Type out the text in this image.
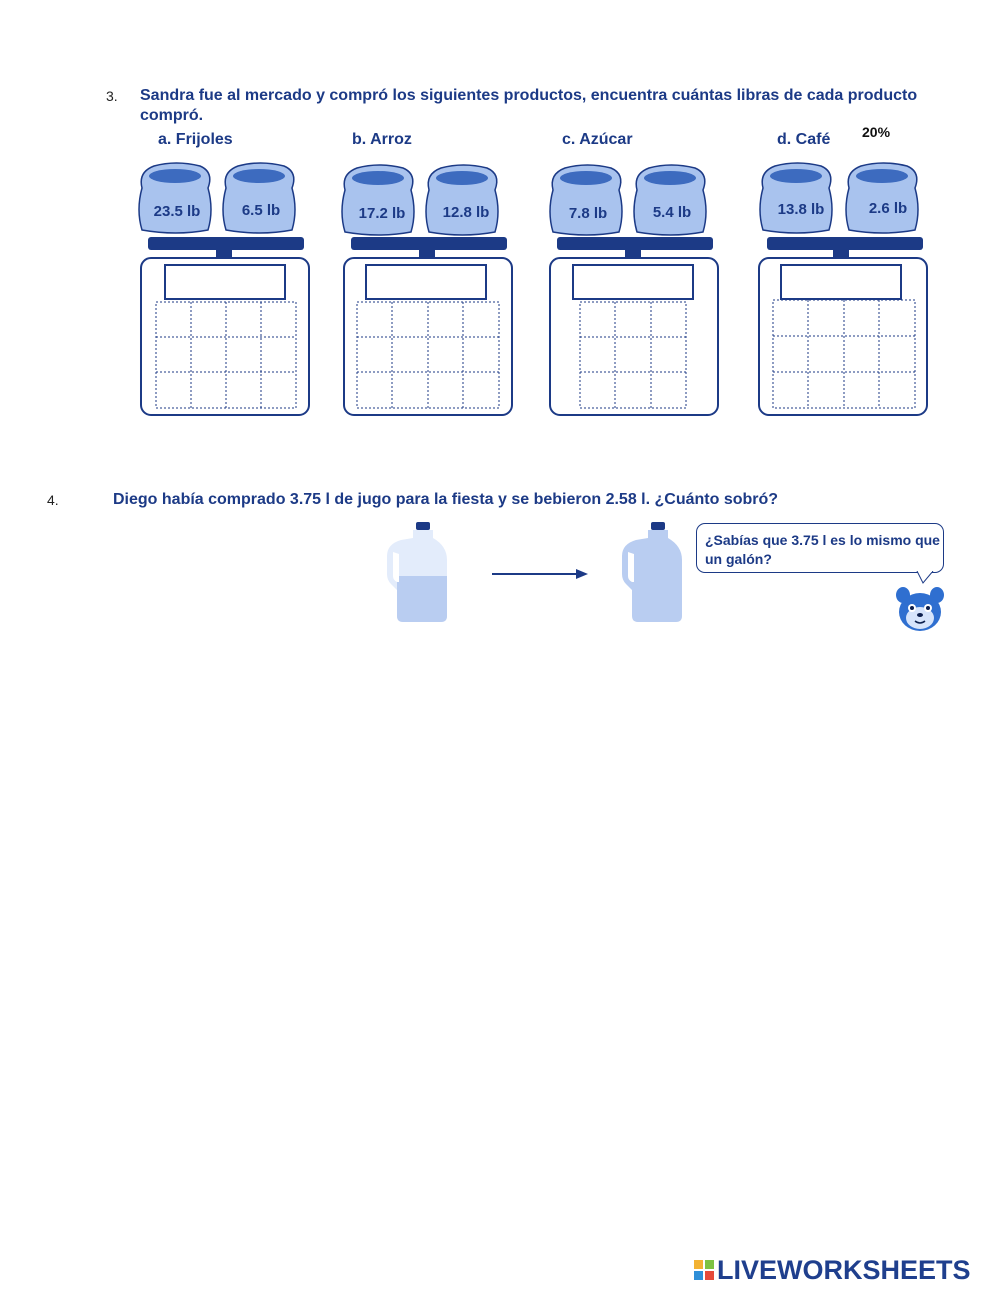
3. Sandra fue al mercado y compró los siguientes productos, encuentra cuántas libras de cada producto
compró.
20%
a. Frijoles	b. Arroz	c. Azúcar	d. Café
23.5 lb	6.5 lb	17.2 lb	12.8 lb	7.8 lb	5.4 lb	13.8 lb	2.6 lb
4.	Diego había comprado 3.75 l de jugo para la fiesta y se bebieron 2.58 l. ¿Cuánto sobró?
¿Sabías que 3.75 l es lo mismo que un galón?
LIVEWORKSHEETS
